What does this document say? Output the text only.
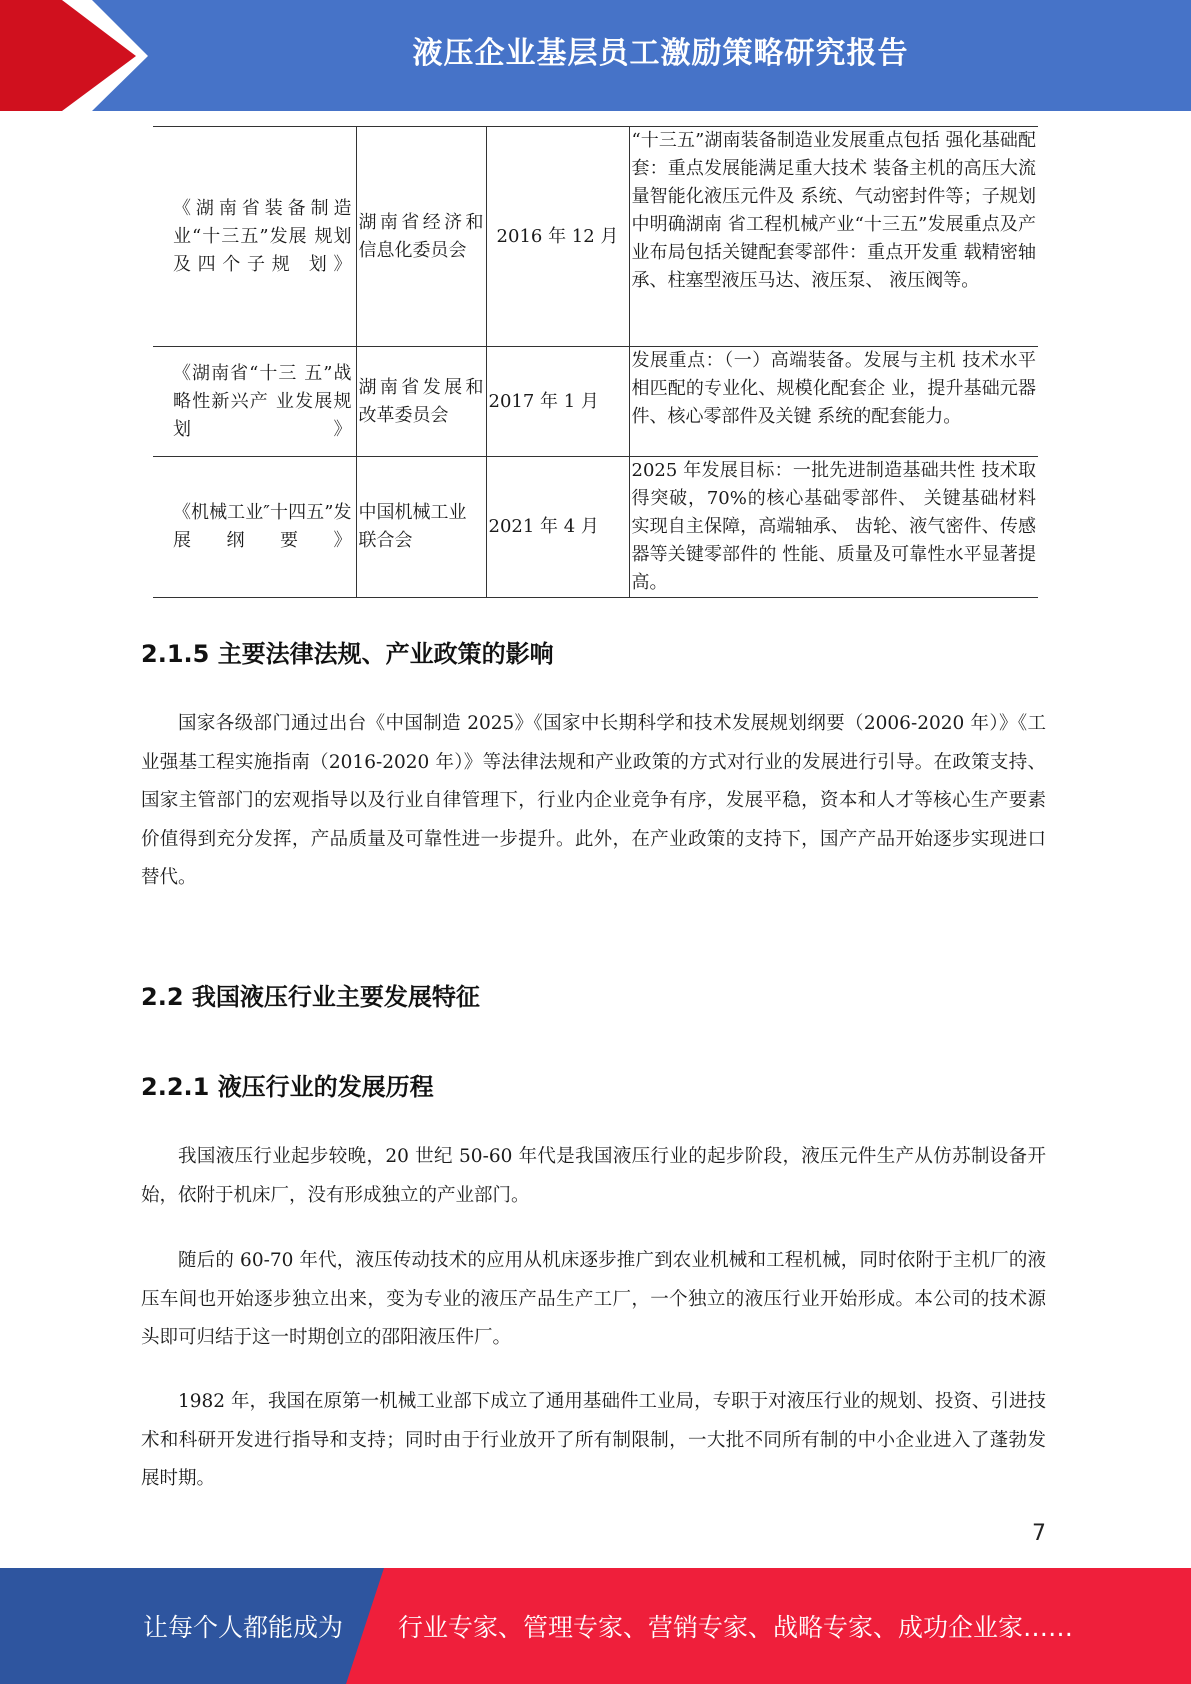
液压企业基层员工激励策略研究报告
《湖南省装备制造业“十三五”发展 规划及四个子规 划》	湖南省经济和信息化委员会	2016 年 12 月	“十三五”湖南装备制造业发展重点包括 强化基础配套：重点发展能满足重大技术 装备主机的高压大流量智能化液压元件及 系统、气动密封件等；子规划中明确湖南 省工程机械产业“十三五”发展重点及产 业布局包括关键配套零部件：重点开发重 载精密轴承、柱塞型液压马达、液压泵、 液压阀等。
《湖南省“十三 五”战略性新兴产 业发展规划》	湖南省发展和改革委员会	2017 年 1 月	发展重点：（一）高端装备。发展与主机 技术水平相匹配的专业化、规模化配套企 业，提升基础元器件、核心零部件及关键 系统的配套能力。
《机械工业″十四五”发展纲要》	中国机械工业联合会	2021 年 4 月	2025 年发展目标：一批先进制造基础共性 技术取得突破，70%的核心基础零部件、 关键基础材料实现自主保障，高端轴承、 齿轮、液气密件、传感器等关键零部件的 性能、质量及可靠性水平显著提高。
2.1.5 主要法律法规、产业政策的影响

国家各级部门通过出台《中国制造 2025》《国家中长期科学和技术发展规划纲要（2006-2020 年）》《工业强基工程实施指南（2016-2020 年）》等法律法规和产业政策的方式对行业的发展进行引导。在政策支持、国家主管部门的宏观指导以及行业自律管理下，行业内企业竞争有序，发展平稳，资本和人才等核心生产要素价值得到充分发挥，产品质量及可靠性进一步提升。此外，在产业政策的支持下，国产产品开始逐步实现进口替代。

2.2 我国液压行业主要发展特征
2.2.1 液压行业的发展历程

我国液压行业起步较晚，20 世纪 50-60 年代是我国液压行业的起步阶段，液压元件生产从仿苏制设备开始，依附于机床厂，没有形成独立的产业部门。

随后的 60-70 年代，液压传动技术的应用从机床逐步推广到农业机械和工程机械，同时依附于主机厂的液压车间也开始逐步独立出来，变为专业的液压产品生产工厂，一个独立的液压行业开始形成。本公司的技术源头即可归结于这一时期创立的邵阳液压件厂。

1982 年，我国在原第一机械工业部下成立了通用基础件工业局，专职于对液压行业的规划、投资、引进技术和科研开发进行指导和支持；同时由于行业放开了所有制限制，一大批不同所有制的中小企业进入了蓬勃发展时期。

7
让每个人都能成为 行业专家、管理专家、营销专家、战略专家、成功企业家……
